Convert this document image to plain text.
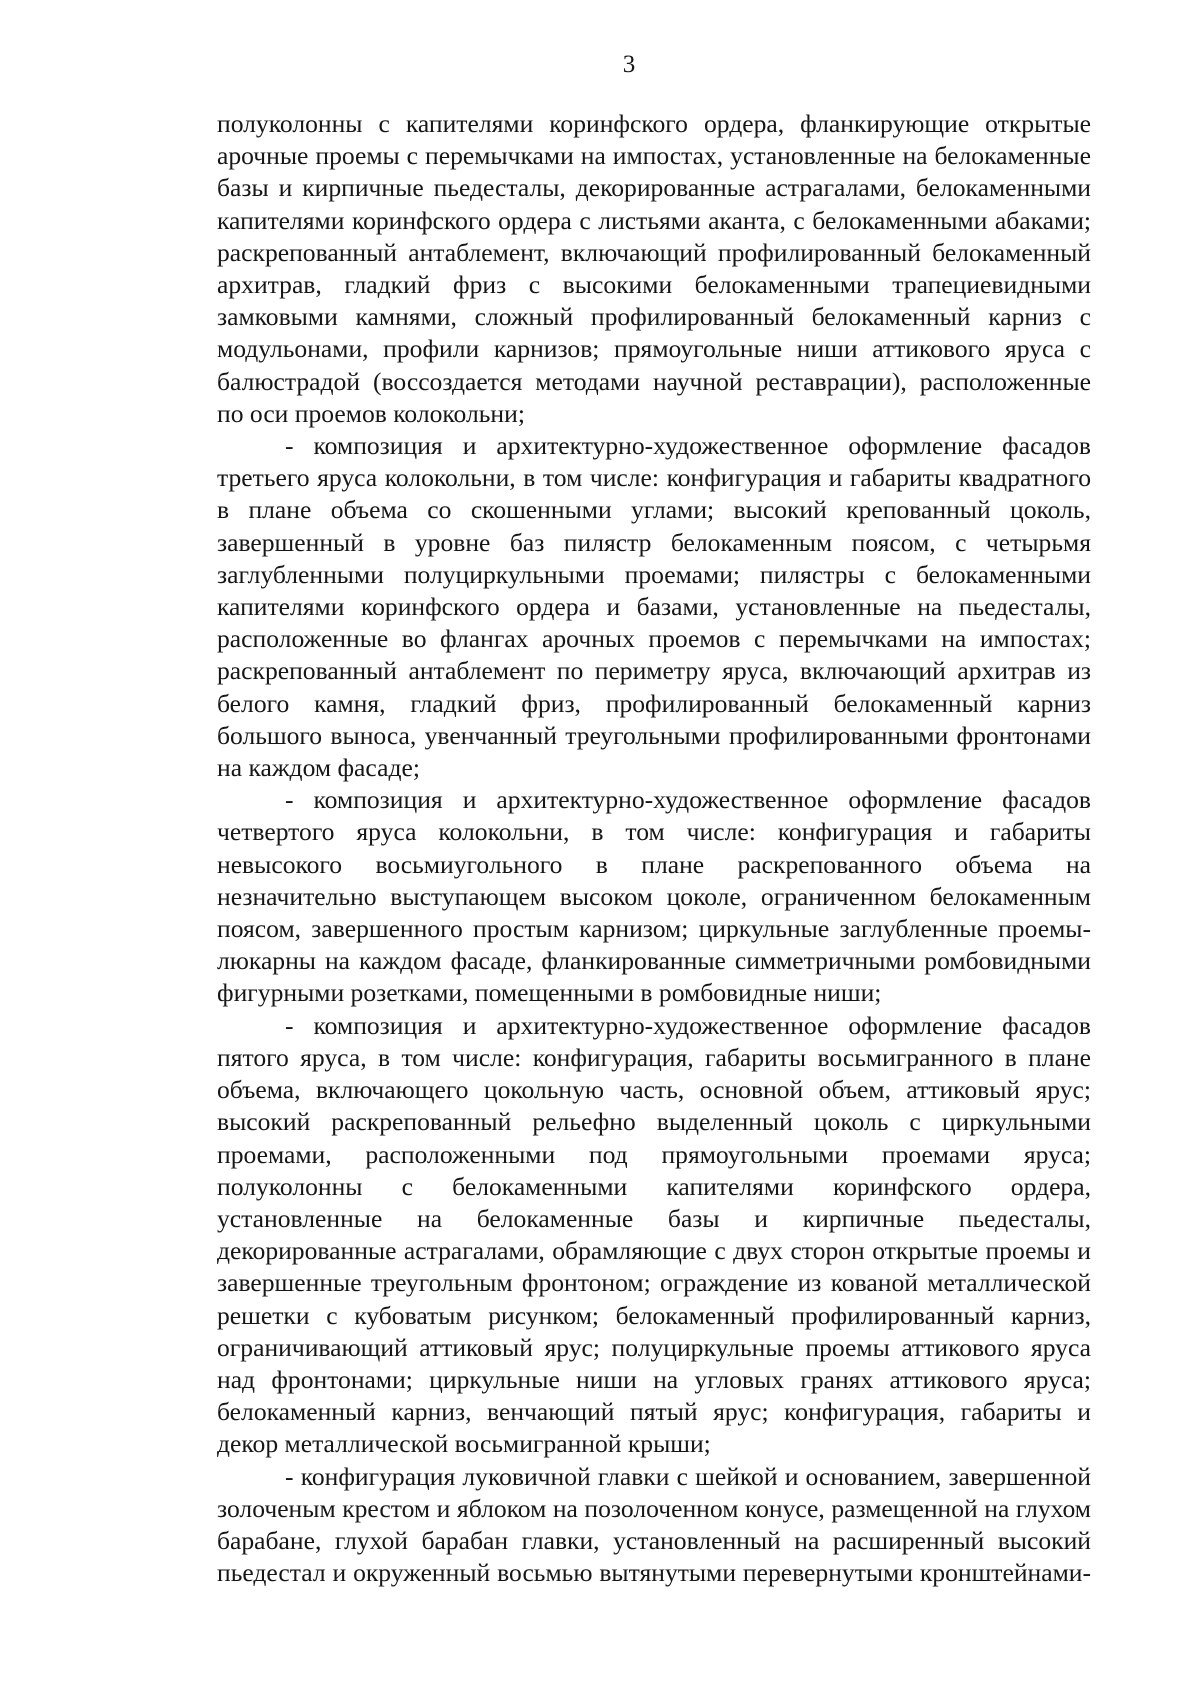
3

полуколонны с капителями коринфского ордера, фланкирующие открытые арочные проемы с перемычками на импостах, установленные на белокаменные базы и кирпичные пьедесталы, декорированные астрагалами, белокаменными капителями коринфского ордера с листьями аканта, с белокаменными абаками; раскрепованный антаблемент, включающий профилированный белокаменный архитрав, гладкий фриз с высокими белокаменными трапециевидными замковыми камнями, сложный профилированный белокаменный карниз с модульонами, профили карнизов; прямоугольные ниши аттикового яруса с балюстрадой (воссоздается методами научной реставрации), расположенные по оси проемов колокольни;

- композиция и архитектурно-художественное оформление фасадов третьего яруса колокольни, в том числе: конфигурация и габариты квадратного в плане объема со скошенными углами; высокий крепованный цоколь, завершенный в уровне баз пилястр белокаменным поясом, с четырьмя заглубленными полуциркульными проемами; пилястры с белокаменными капителями коринфского ордера и базами, установленные на пьедесталы, расположенные во флангах арочных проемов с перемычками на импостах; раскрепованный антаблемент по периметру яруса, включающий архитрав из белого камня, гладкий фриз, профилированный белокаменный карниз большого выноса, увенчанный треугольными профилированными фронтонами на каждом фасаде;

- композиция и архитектурно-художественное оформление фасадов четвертого яруса колокольни, в том числе: конфигурация и габариты невысокого восьмиугольного в плане раскрепованного объема на незначительно выступающем высоком цоколе, ограниченном белокаменным поясом, завершенного простым карнизом; циркульные заглубленные проемы-люкарны на каждом фасаде, фланкированные симметричными ромбовидными фигурными розетками, помещенными в ромбовидные ниши;

- композиция и архитектурно-художественное оформление фасадов пятого яруса, в том числе: конфигурация, габариты восьмигранного в плане объема, включающего цокольную часть, основной объем, аттиковый ярус; высокий раскрепованный рельефно выделенный цоколь с циркульными проемами, расположенными под прямоугольными проемами яруса; полуколонны с белокаменными капителями коринфского ордера, установленные на белокаменные базы и кирпичные пьедесталы, декорированные астрагалами, обрамляющие с двух сторон открытые проемы и завершенные треугольным фронтоном; ограждение из кованой металлической решетки с кубоватым рисунком; белокаменный профилированный карниз, ограничивающий аттиковый ярус; полуциркульные проемы аттикового яруса над фронтонами; циркульные ниши на угловых гранях аттикового яруса; белокаменный карниз, венчающий пятый ярус; конфигурация, габариты и декор металлической восьмигранной крыши;

- конфигурация луковичной главки с шейкой и основанием, завершенной золоченым крестом и яблоком на позолоченном конусе, размещенной на глухом барабане, глухой барабан главки, установленный на расширенный высокий пьедестал и окруженный восьмью вытянутыми перевернутыми кронштейнами-
